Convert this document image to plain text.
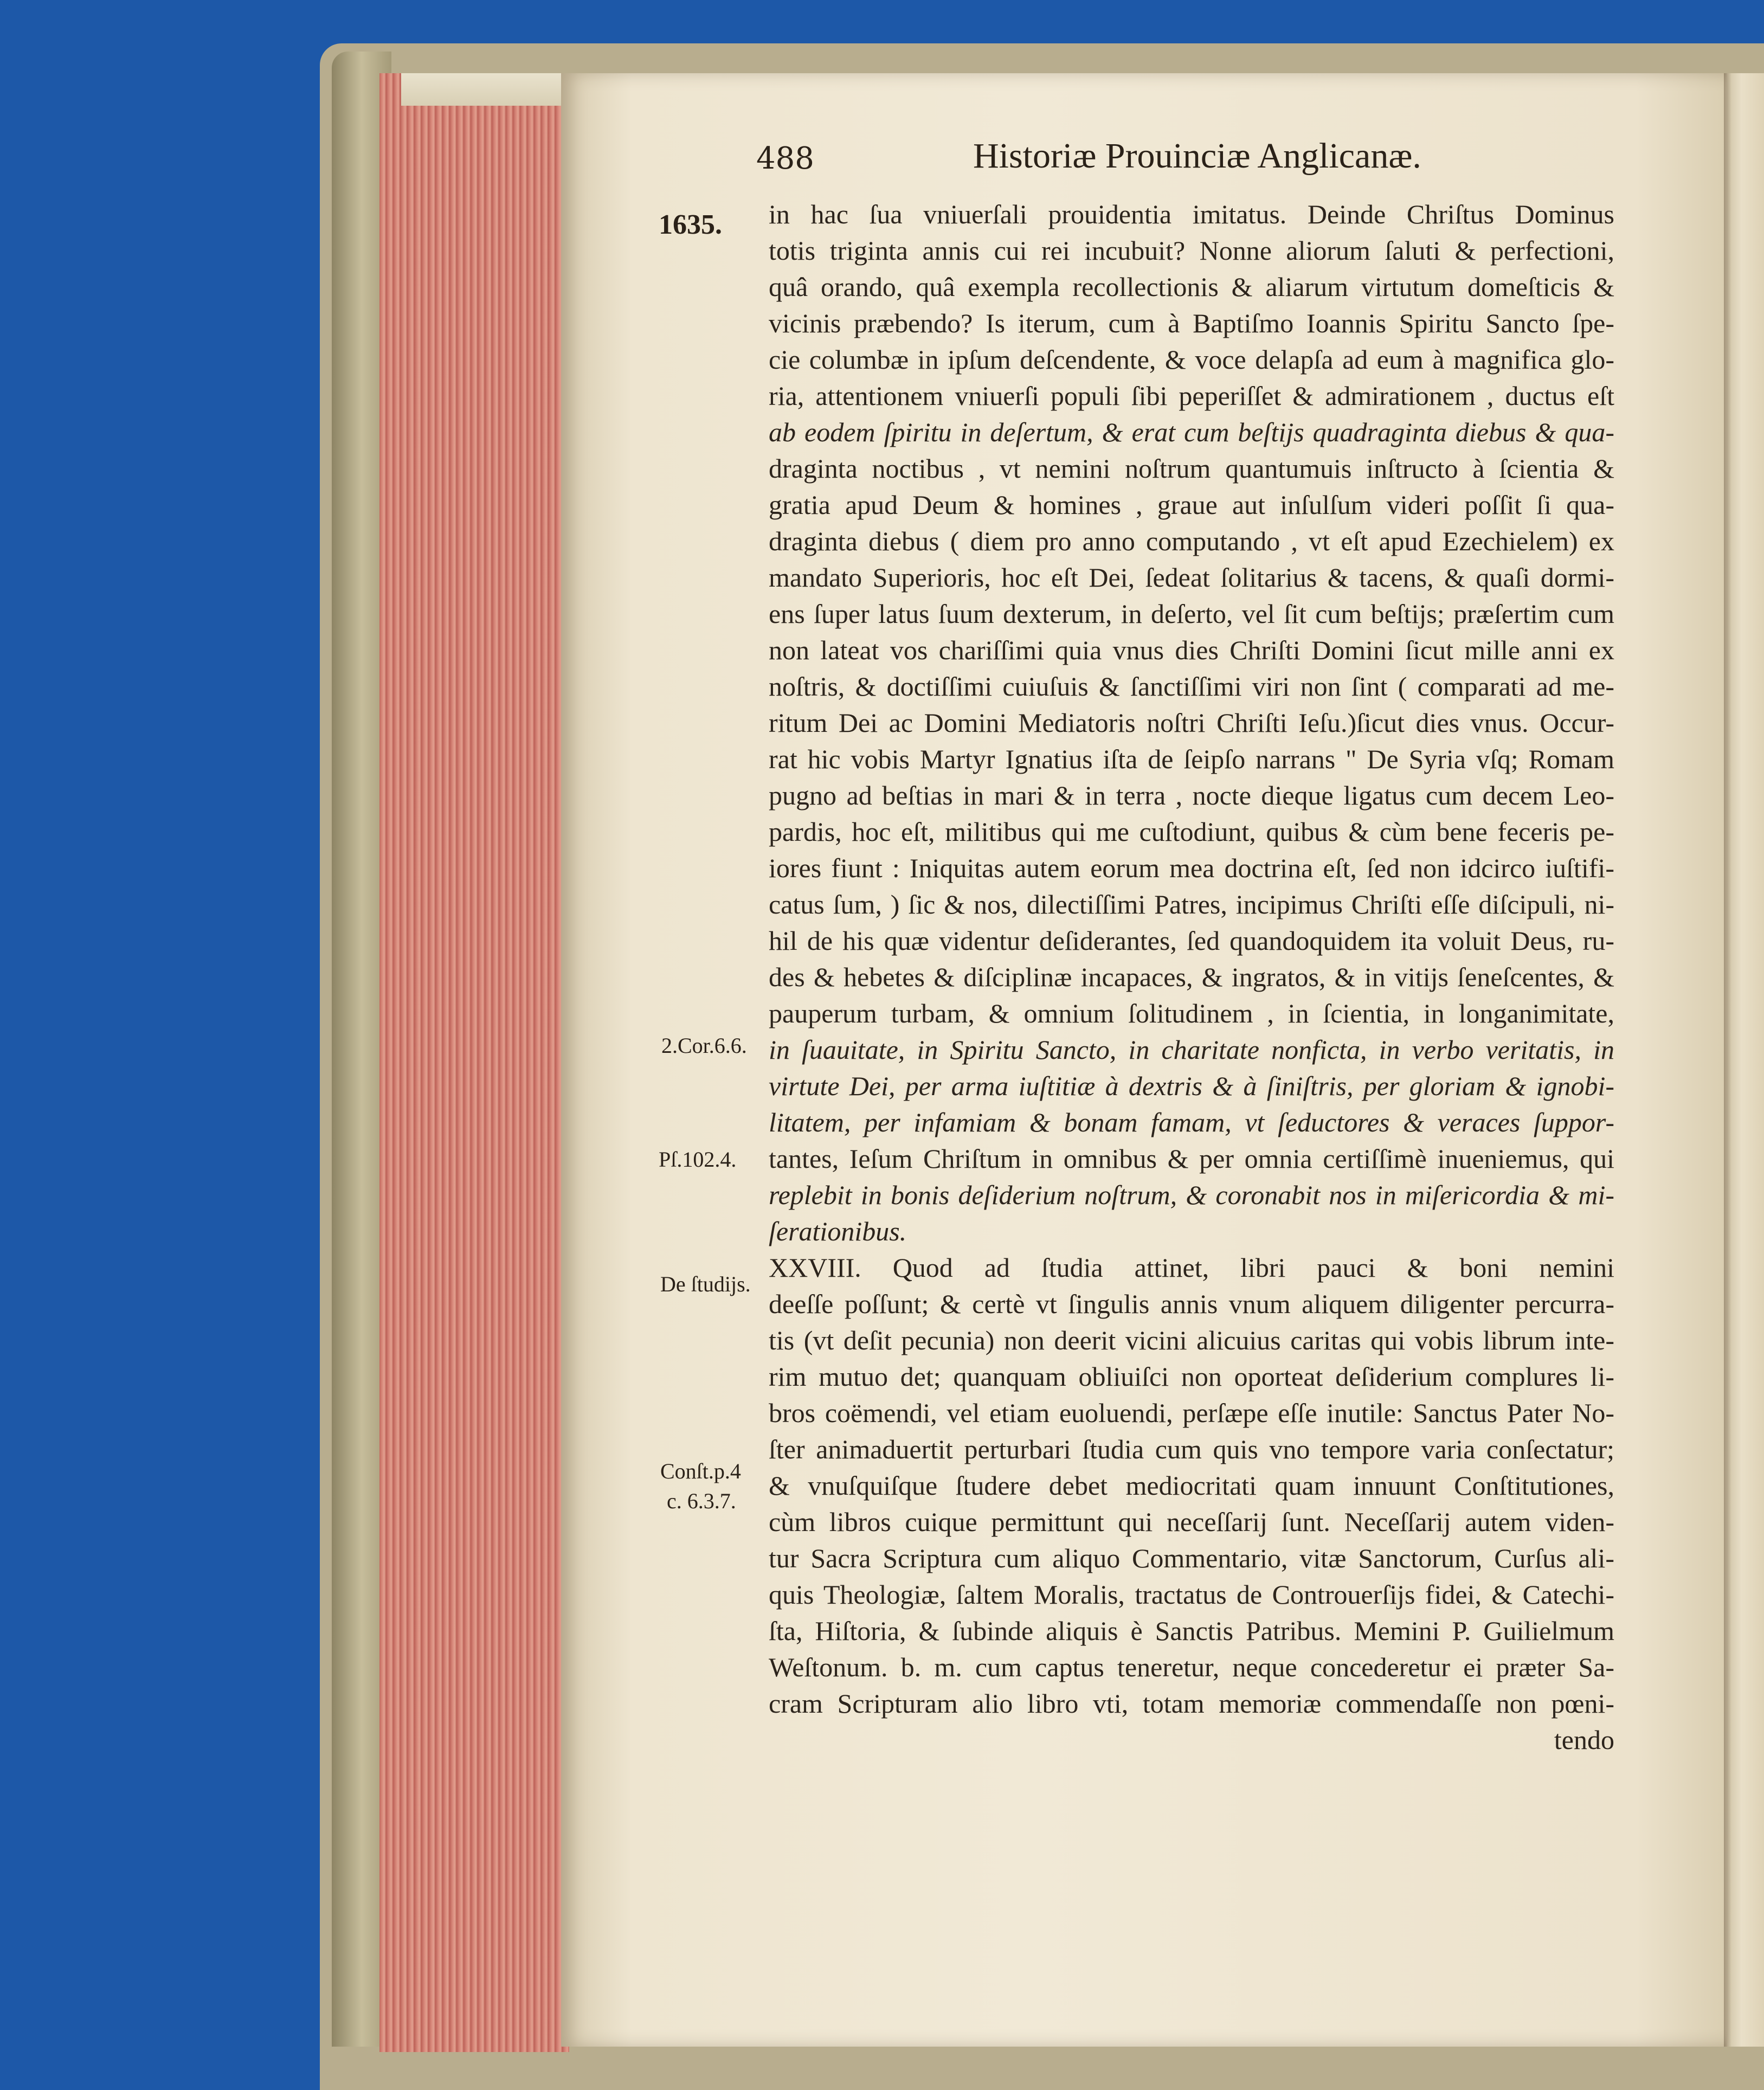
488	Historiæ Prouinciæ Anglicanæ.
1635.
2.Cor.6.6.
Pſ.102.4.
De ſtudijs.
Conſt.p.4
c. 6.3.7.
in hac ſua vniuerſali prouidentia imitatus. Deinde Chriſtus Dominus
totis triginta annis cui rei incubuit? Nonne aliorum ſaluti & perfectioni,
quâ orando, quâ exempla recollectionis & aliarum virtutum domeſticis &
vicinis præbendo? Is iterum, cum à Baptiſmo Ioannis Spiritu Sancto ſpe-
cie columbæ in ipſum deſcendente, & voce delapſa ad eum à magnifica glo-
ria, attentionem vniuerſi populi ſibi peperiſſet & admirationem , ductus eſt
ab eodem ſpiritu in deſertum, & erat cum beſtijs quadraginta diebus & qua-
draginta noctibus , vt nemini noſtrum quantumuis inſtructo à ſcientia &
gratia apud Deum & homines , graue aut inſulſum videri poſſit ſi qua-
draginta diebus ( diem pro anno computando , vt eſt apud Ezechielem) ex
mandato Superioris, hoc eſt Dei, ſedeat ſolitarius & tacens, & quaſi dormi-
ens ſuper latus ſuum dexterum, in deſerto, vel ſit cum beſtijs; præſertim cum
non lateat vos chariſſimi quia vnus dies Chriſti Domini ſicut mille anni ex
noſtris, & doctiſſimi cuiuſuis & ſanctiſſimi viri non ſint ( comparati ad me-
ritum Dei ac Domini Mediatoris noſtri Chriſti Ieſu.)ſicut dies vnus. Occur-
rat hic vobis Martyr Ignatius iſta de ſeipſo narrans " De Syria vſq; Romam
pugno ad beſtias in mari & in terra , nocte dieque ligatus cum decem Leo-
pardis, hoc eſt, militibus qui me cuſtodiunt, quibus & cùm bene feceris pe-
iores fiunt : Iniquitas autem eorum mea doctrina eſt, ſed non idcirco iuſtifi-
catus ſum, ) ſic & nos, dilectiſſimi Patres, incipimus Chriſti eſſe diſcipuli, ni-
hil de his quæ videntur deſiderantes, ſed quandoquidem ita voluit Deus, ru-
des & hebetes & diſciplinæ incapaces, & ingratos, & in vitijs ſeneſcentes, &
pauperum turbam, & omnium ſolitudinem , in ſcientia, in longanimitate,
in ſuauitate, in Spiritu Sancto, in charitate nonficta, in verbo veritatis, in
virtute Dei, per arma iuſtitiæ à dextris & à ſiniſtris, per gloriam & ignobi-
litatem, per infamiam & bonam famam, vt ſeductores & veraces ſuppor-
tantes, Ieſum Chriſtum in omnibus & per omnia certiſſimè inueniemus, qui
replebit in bonis deſiderium noſtrum, & coronabit nos in miſericordia & mi-
ſerationibus.
XXVIII. Quod ad ſtudia attinet, libri pauci & boni nemini
deeſſe poſſunt; & certè vt ſingulis annis vnum aliquem diligenter percurra-
tis (vt deſit pecunia) non deerit vicini alicuius caritas qui vobis librum inte-
rim mutuo det; quanquam obliuiſci non oporteat deſiderium complures li-
bros coëmendi, vel etiam euoluendi, perſæpe eſſe inutile: Sanctus Pater No-
ſter animaduertit perturbari ſtudia cum quis vno tempore varia conſectatur;
& vnuſquiſque ſtudere debet mediocritati quam innuunt Conſtitutiones,
cùm libros cuique permittunt qui neceſſarij ſunt. Neceſſarij autem viden-
tur Sacra Scriptura cum aliquo Commentario, vitæ Sanctorum, Curſus ali-
quis Theologiæ, ſaltem Moralis, tractatus de Controuerſijs fidei, & Catechi-
ſta, Hiſtoria, & ſubinde aliquis è Sanctis Patribus. Memini P. Guilielmum
Weſtonum. b. m. cum captus teneretur, neque concederetur ei præter Sa-
cram Scripturam alio libro vti, totam memoriæ commendaſſe non pœni-
tendo
